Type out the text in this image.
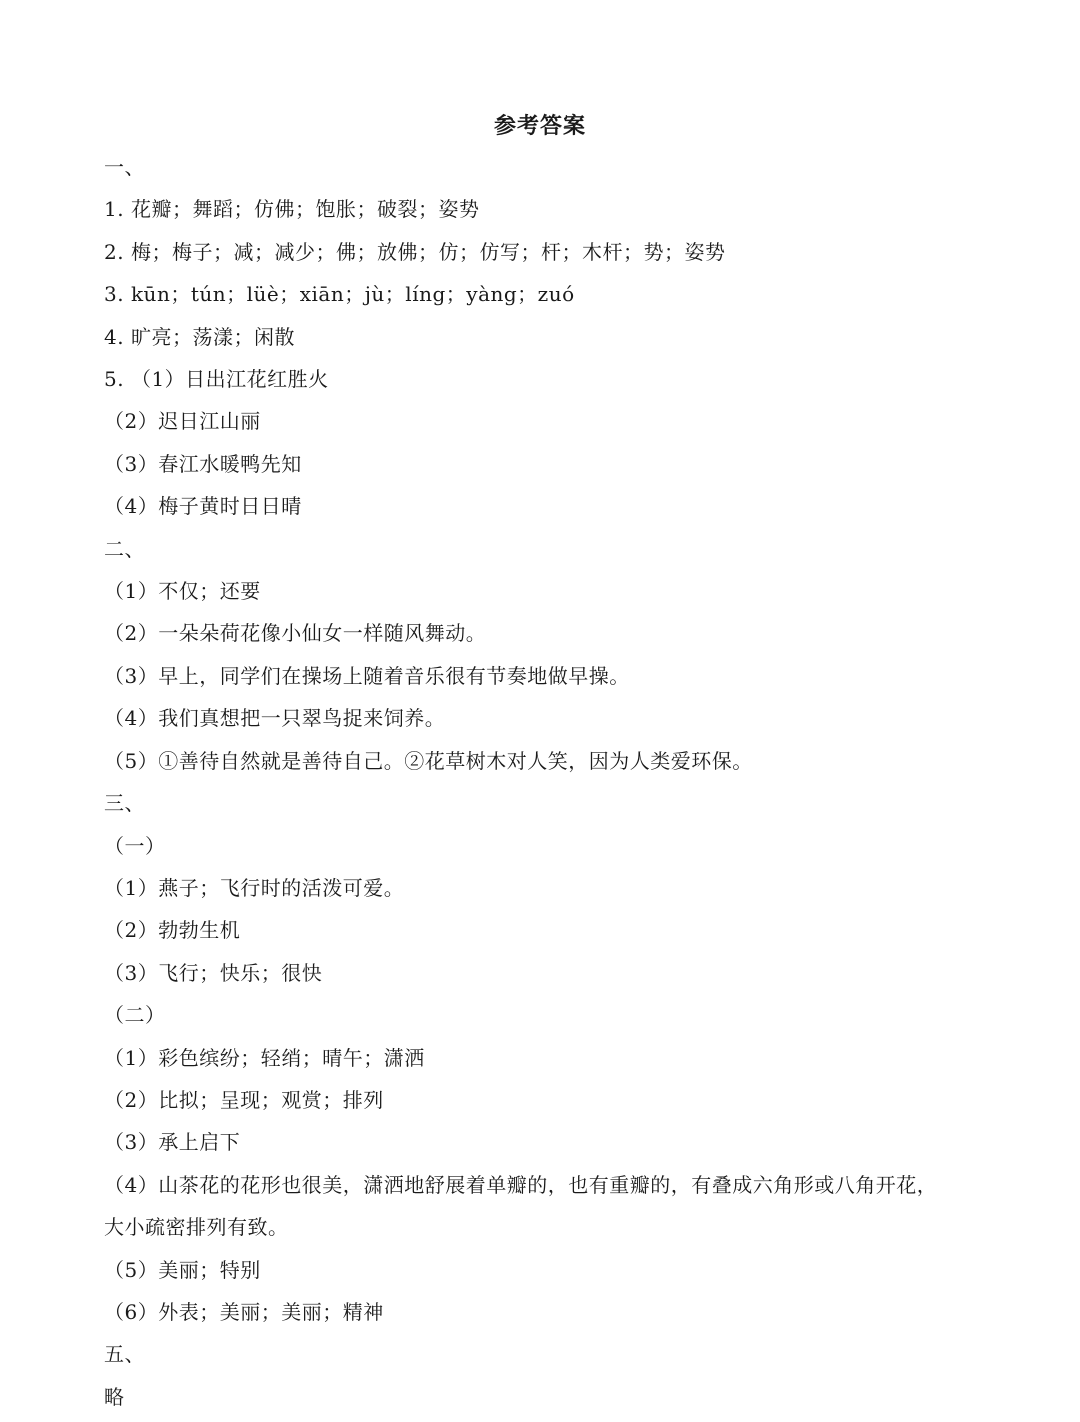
参考答案
一、
1. 花瓣；舞蹈；仿佛；饱胀；破裂；姿势
2. 梅；梅子；减；减少；佛；放佛；仿；仿写；杆；木杆；势；姿势
3. kūn；tún；lüè；xiān；jù；líng；yàng；zuó
4. 旷亮；荡漾；闲散
5. （1）日出江花红胜火
（2）迟日江山丽
（3）春江水暖鸭先知
（4）梅子黄时日日晴
二、
（1）不仅；还要
（2）一朵朵荷花像小仙女一样随风舞动。
（3）早上，同学们在操场上随着音乐很有节奏地做早操。
（4）我们真想把一只翠鸟捉来饲养。
（5）①善待自然就是善待自己。②花草树木对人笑，因为人类爱环保。
三、
（一）
（1）燕子；飞行时的活泼可爱。
（2）勃勃生机
（3）飞行；快乐；很快
（二）
（1）彩色缤纷；轻绡；晴午；潇洒
（2）比拟；呈现；观赏；排列
（3）承上启下
（4）山茶花的花形也很美，潇洒地舒展着单瓣的，也有重瓣的，有叠成六角形或八角开花，
大小疏密排列有致。
（5）美丽；特别
（6）外表；美丽；美丽；精神
五、
略
